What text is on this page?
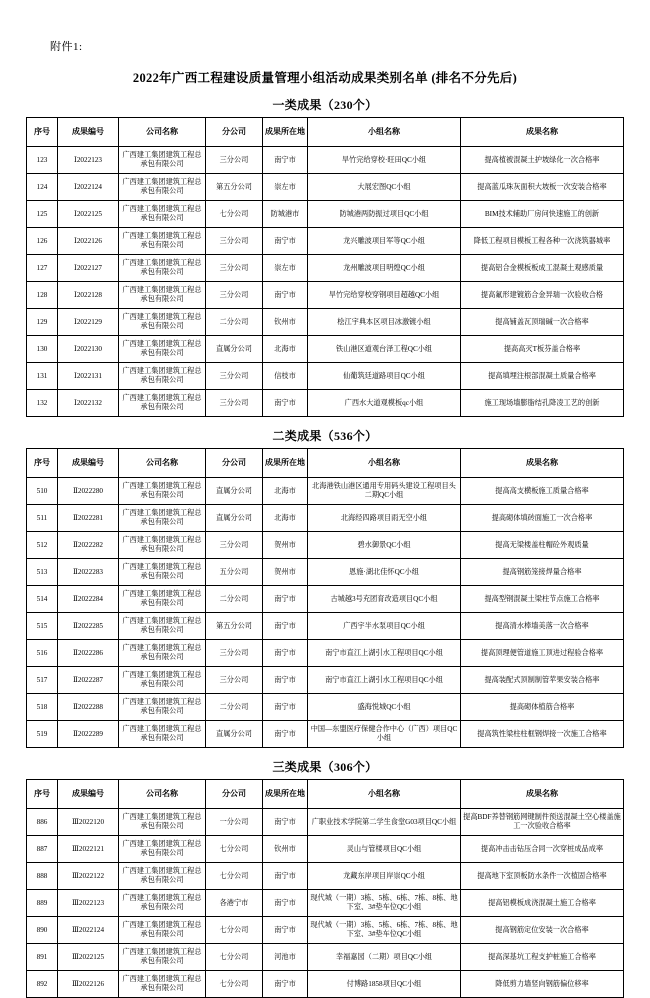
附件1:
2022年广西工程建设质量管理小组活动成果类别名单 (排名不分先后)
一类成果（230个）
序号	成果编号	公司名称	分公司	成果所在地	小组名称	成果名称
123	Ⅰ2022123	广西建工集团建筑工程总承包有限公司	三分公司	南宁市	旱竹完给穿校·旺田QC小组	提高植被混凝土护坡绿化一次合格率
124	Ⅰ2022124	广西建工集团建筑工程总承包有限公司	第五分公司	崇左市	大展宏图QC小组	提高蓝瓜珠灰面积大坡板一次安装合格率
125	Ⅰ2022125	广西建工集团建筑工程总承包有限公司	七分公司	防城港市	防城港两防振过项目QC小组	BIM技术辅助厂房问快速施工的创新
126	Ⅰ2022126	广西建工集团建筑工程总承包有限公司	三分公司	南宁市	龙兴雕波项目军等QC小组	降低工程项目模板工程各种一次浇筑器城率
127	Ⅰ2022127	广西建工集团建筑工程总承包有限公司	三分公司	崇左市	龙州雕波项目明煌QC小组	提高铝合金模板板成工混凝土观感质量
128	Ⅰ2022128	广西建工集团建筑工程总承包有限公司	三分公司	南宁市	旱竹完给穿校穿钢项目超越QC小组	提高氟形建镀筋合金异瑞一次验收合格
129	Ⅰ2022129	广西建工集团建筑工程总承包有限公司	二分公司	钦州市	桧江宇典本区项目冰激镀小组	提高铺盖瓦顶瑞碱一次合格率
130	Ⅰ2022130	广西建工集团建筑工程总承包有限公司	直属分公司	北海市	铁山港区道观台泽工程QC小组	提高高灭T板芬盖合格率
131	Ⅰ2022131	广西建工集团建筑工程总承包有限公司	三分公司	信枝市	仙葡筑廷道路项目QC小组	提高填埋注根部混凝土质量合格率
132	Ⅰ2022132	广西建工集团建筑工程总承包有限公司	三分公司	南宁市	广西水大道观模板qc小组	施工现场墙膨脂结孔降凌工艺的创新
二类成果（536个）
序号	成果编号	公司名称	分公司	成果所在地	小组名称	成果名称
510	Ⅱ2022280	广西建工集团建筑工程总承包有限公司	直属分公司	北海市	北海港铁山港区通用专用码头建设工程项目头二期QC小组	提高高支横板施工质量合格率
511	Ⅱ2022281	广西建工集团建筑工程总承包有限公司	直属分公司	北海市	北海经四路项目雨无空小组	提高砌体填砖面施工一次合格率
512	Ⅱ2022282	广西建工集团建筑工程总承包有限公司	三分公司	贺州市	碧水御景QC小组	提高无梁楼盖柱帽砼外观质量
513	Ⅱ2022283	广西建工集团建筑工程总承包有限公司	五分公司	贺州市	恩施·湖北佳怀QC小组	提高钢筋笼接焊量合格率
514	Ⅱ2022284	广西建工集团建筑工程总承包有限公司	二分公司	南宁市	古城越3号充团育改造项目QC小组	提高型钢混凝土梁柱节点施工合格率
515	Ⅱ2022285	广西建工集团建筑工程总承包有限公司	第五分公司	南宁市	广西宇半水泵项目QC小组	提高清水棒墙美落一次合格率
516	Ⅱ2022286	广西建工集团建筑工程总承包有限公司	三分公司	南宁市	南宁市直江上湖引水工程项目QC小组	提高顶理便管道施工顶进过程验合格率
517	Ⅱ2022287	广西建工集团建筑工程总承包有限公司	三分公司	南宁市	南宁市直江上湖引水工程项目QC小组	提高装配式顶制制管苹果安装合格率
518	Ⅱ2022288	广西建工集团建筑工程总承包有限公司	二分公司	南宁市	盛海悦城QC小组	提高砌体植筋合格率
519	Ⅱ2022289	广西建工集团建筑工程总承包有限公司	直属分公司	南宁市	中国—东盟医疗保健合作中心（广西）项目QC小组	提高筑性梁柱柱框钢焊接一次施工合格率
三类成果（306个）
序号	成果编号	公司名称	分公司	成果所在地	小组名称	成果名称
886	Ⅲ2022120	广西建工集团建筑工程总承包有限公司	一分公司	南宁市	广职业技术学院第二学生食堂G03项目QC小组	提高BDF养替钢筋网键制件预送混凝土空心楼盖施工一次验收合格率
887	Ⅲ2022121	广西建工集团建筑工程总承包有限公司	七分公司	钦州市	灵山与管楼项目QC小组	提高冲击击钻压合同一次穿桩成品成率
888	Ⅲ2022122	广西建工集团建筑工程总承包有限公司	七分公司	南宁市	龙藏东岸项目岸崇QC小组	提高地下室顶板防水条件一次植固合格率
889	Ⅲ2022123	广西建工集团建筑工程总承包有限公司	各港宁市	南宁市	现代城（一期）3栋、5栋、6栋、7栋、8栋、地下室、3#垫车位QC小组	提高铝模板成浇混凝土施工合格率
890	Ⅲ2022124	广西建工集团建筑工程总承包有限公司	七分公司	南宁市	现代城（一期）3栋、5栋、6栋、7栋、8栋、地下室、3#垫车位QC小组	提高钢筋定位安装一次合格率
891	Ⅲ2022125	广西建工集团建筑工程总承包有限公司	七分公司	河池市	幸福嘉园（二期）项目QC小组	提高深基坑工程支护桩施工合格率
892	Ⅲ2022126	广西建工集团建筑工程总承包有限公司	七分公司	南宁市	付博路1858项目QC小组	降低剪力墙竖向钢筋偏位移率
